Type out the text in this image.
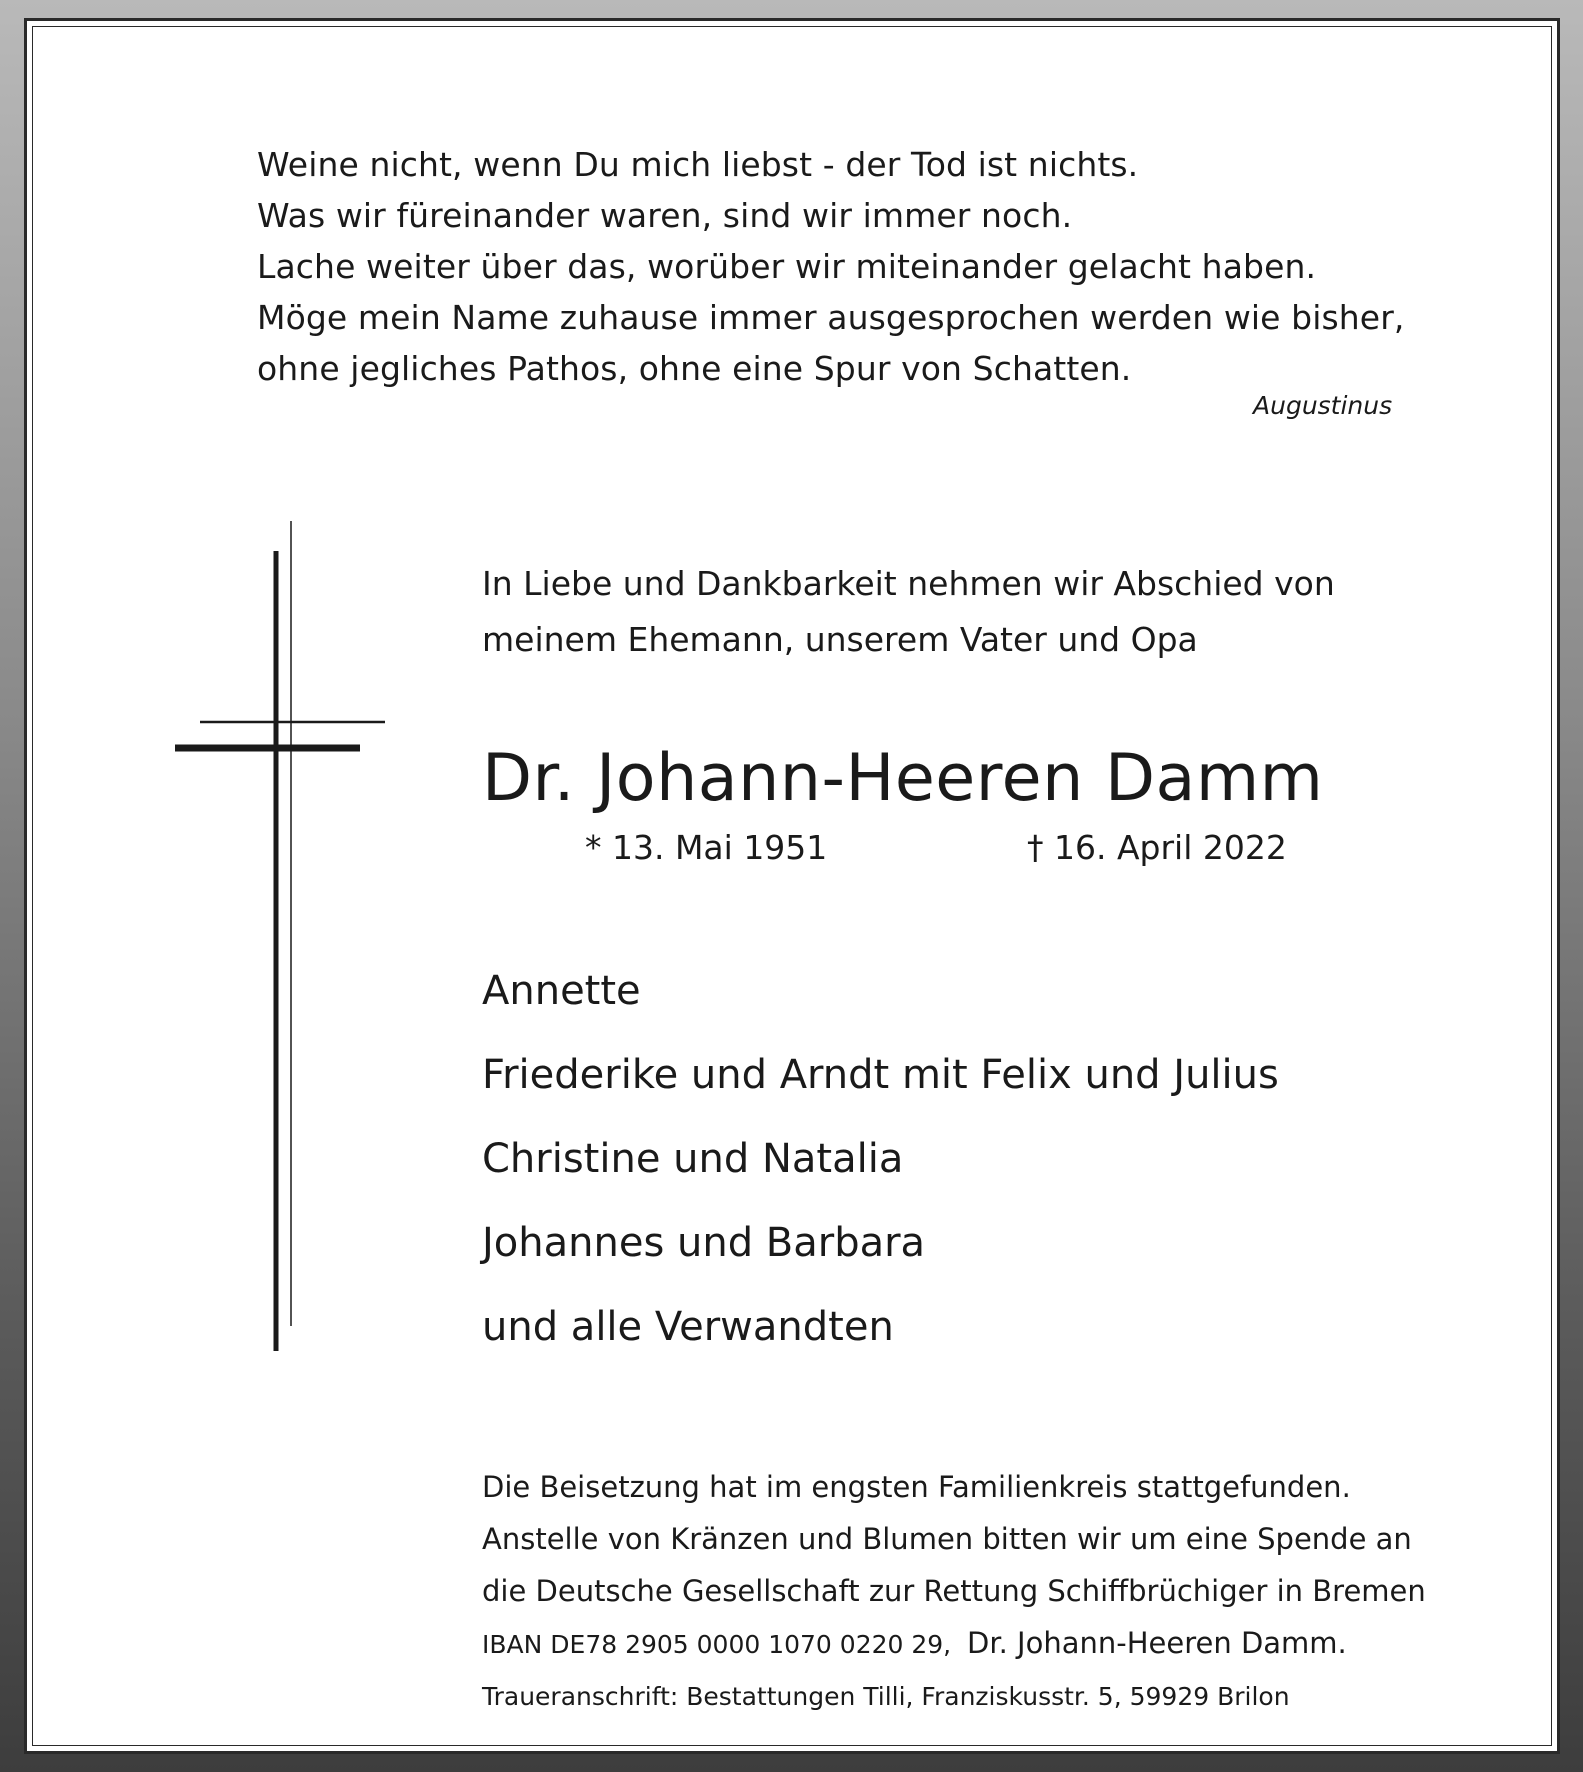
Weine nicht, wenn Du mich liebst - der Tod ist nichts.
Was wir füreinander waren, sind wir immer noch.
Lache weiter über das, worüber wir miteinander gelacht haben.
Möge mein Name zuhause immer ausgesprochen werden wie bisher,
ohne jegliches Pathos, ohne eine Spur von Schatten.
Augustinus
In Liebe und Dankbarkeit nehmen wir Abschied von
meinem Ehemann, unserem Vater und Opa
Dr. Johann-Heeren Damm
* 13. Mai 1951	† 16. April 2022
Annette
Friederike und Arndt mit Felix und Julius
Christine und Natalia
Johannes und Barbara
und alle Verwandten
Die Beisetzung hat im engsten Familienkreis stattgefunden.
Anstelle von Kränzen und Blumen bitten wir um eine Spende an
die Deutsche Gesellschaft zur Rettung Schiffbrüchiger in Bremen
IBAN DE78 2905 0000 1070 0220 29, Dr. Johann-Heeren Damm.
Traueranschrift: Bestattungen Tilli, Franziskusstr. 5, 59929 Brilon
